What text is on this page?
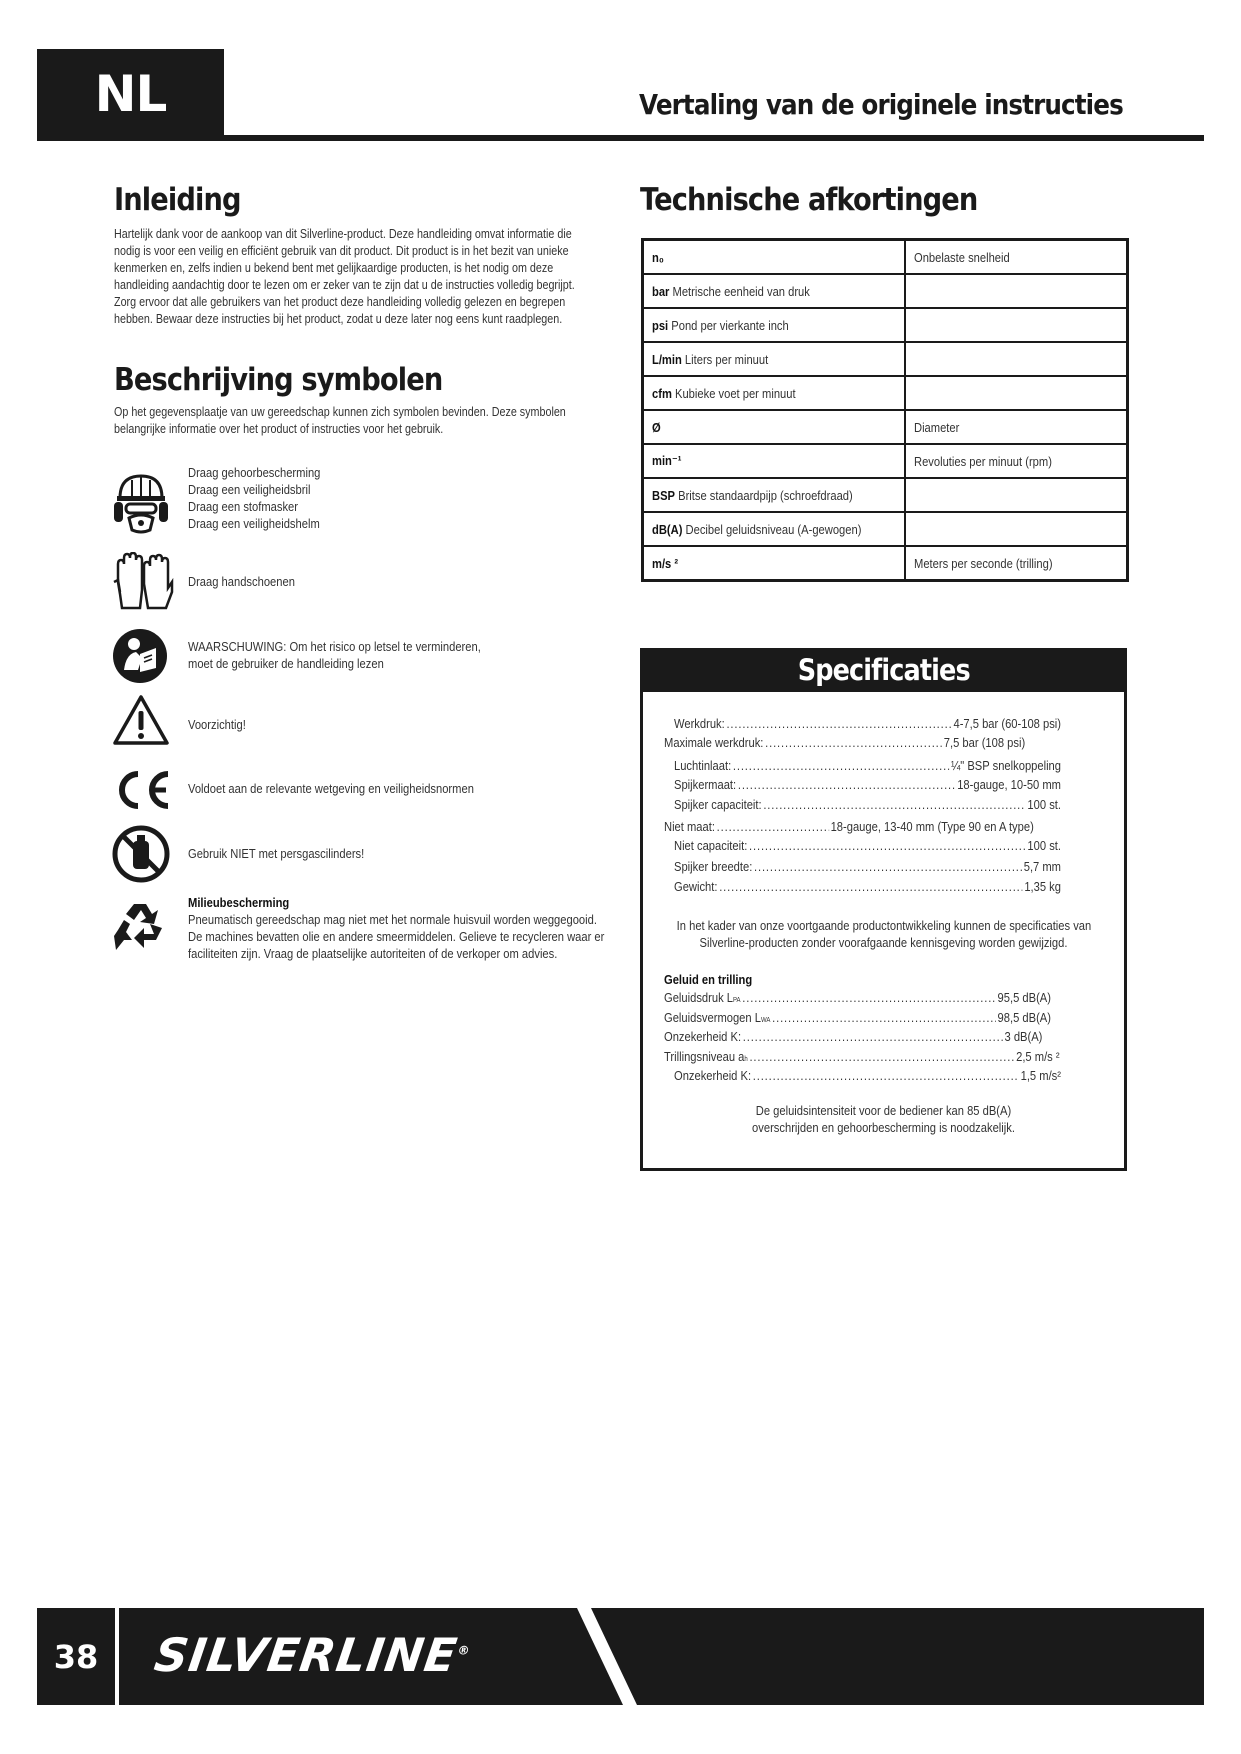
NL	Vertaling van de originele instructies
Inleiding
Hartelijk dank voor de aankoop van dit Silverline-product. Deze handleiding omvat informatie die
nodig is voor een veilig en efficiënt gebruik van dit product. Dit product is in het bezit van unieke
kenmerken en, zelfs indien u bekend bent met gelijkaardige producten, is het nodig om deze
handleiding aandachtig door te lezen om er zeker van te zijn dat u de instructies volledig begrijpt.
Zorg ervoor dat alle gebruikers van het product deze handleiding volledig gelezen en begrepen
hebben. Bewaar deze instructies bij het product, zodat u deze later nog eens kunt raadplegen.
Beschrijving symbolen
Op het gegevensplaatje van uw gereedschap kunnen zich symbolen bevinden. Deze symbolen
belangrijke informatie over het product of instructies voor het gebruik.
Draag gehoorbescherming
Draag een veiligheidsbril
Draag een stofmasker
Draag een veiligheidshelm
Draag handschoenen
WAARSCHUWING: Om het risico op letsel te verminderen,
moet de gebruiker de handleiding lezen
Voorzichtig!
Voldoet aan de relevante wetgeving en veiligheidsnormen
Gebruik NIET met persgascilinders!
Milieubescherming
Pneumatisch gereedschap mag niet met het normale huisvuil worden weggegooid.
De machines bevatten olie en andere smeermiddelen. Gelieve te recycleren waar er
faciliteiten zijn. Vraag de plaatselijke autoriteiten of de verkoper om advies.
Technische afkortingen
n₀	Onbelaste snelheid
bar Metrische eenheid van druk	
psi Pond per vierkante inch	
L/min Liters per minuut	
cfm Kubieke voet per minuut	
Ø	Diameter
min⁻¹	Revoluties per minuut (rpm)
BSP Britse standaardpijp (schroefdraad)	
dB(A) Decibel geluidsniveau (A-gewogen)	
m/s ²	Meters per seconde (trilling)
Specificaties
Werkdruk: .....	4-7,5 bar (60-108 psi)
Maximale werkdruk: .....	7,5 bar (108 psi)
Luchtinlaat: .....	¼" BSP snelkoppeling
Spijkermaat: .....	18-gauge, 10-50 mm
Spijker capaciteit: .....	100 st.
Niet maat: .....	18-gauge, 13-40 mm (Type 90 en A type)
Niet capaciteit: .....	100 st.
Spijker breedte: .....	5,7 mm
Gewicht: .....	1,35 kg
In het kader van onze voortgaande productontwikkeling kunnen de specificaties van
Silverline-producten zonder voorafgaande kennisgeving worden gewijzigd.
Geluid en trilling
Geluidsdruk $L_{PA}$ .....	95,5 dB(A)
Geluidsvermogen $L_{WA}$ .....	98,5 dB(A)
Onzekerheid K: .....	3 dB(A)
Trillingsniveau $a_h$ .....	2,5 m/s ²
Onzekerheid K: .....	1,5 m/s²
De geluidsintensiteit voor de bediener kan 85 dB(A)
overschrijden en gehoorbescherming is noodzakelijk.
38	SILVERLINE®
